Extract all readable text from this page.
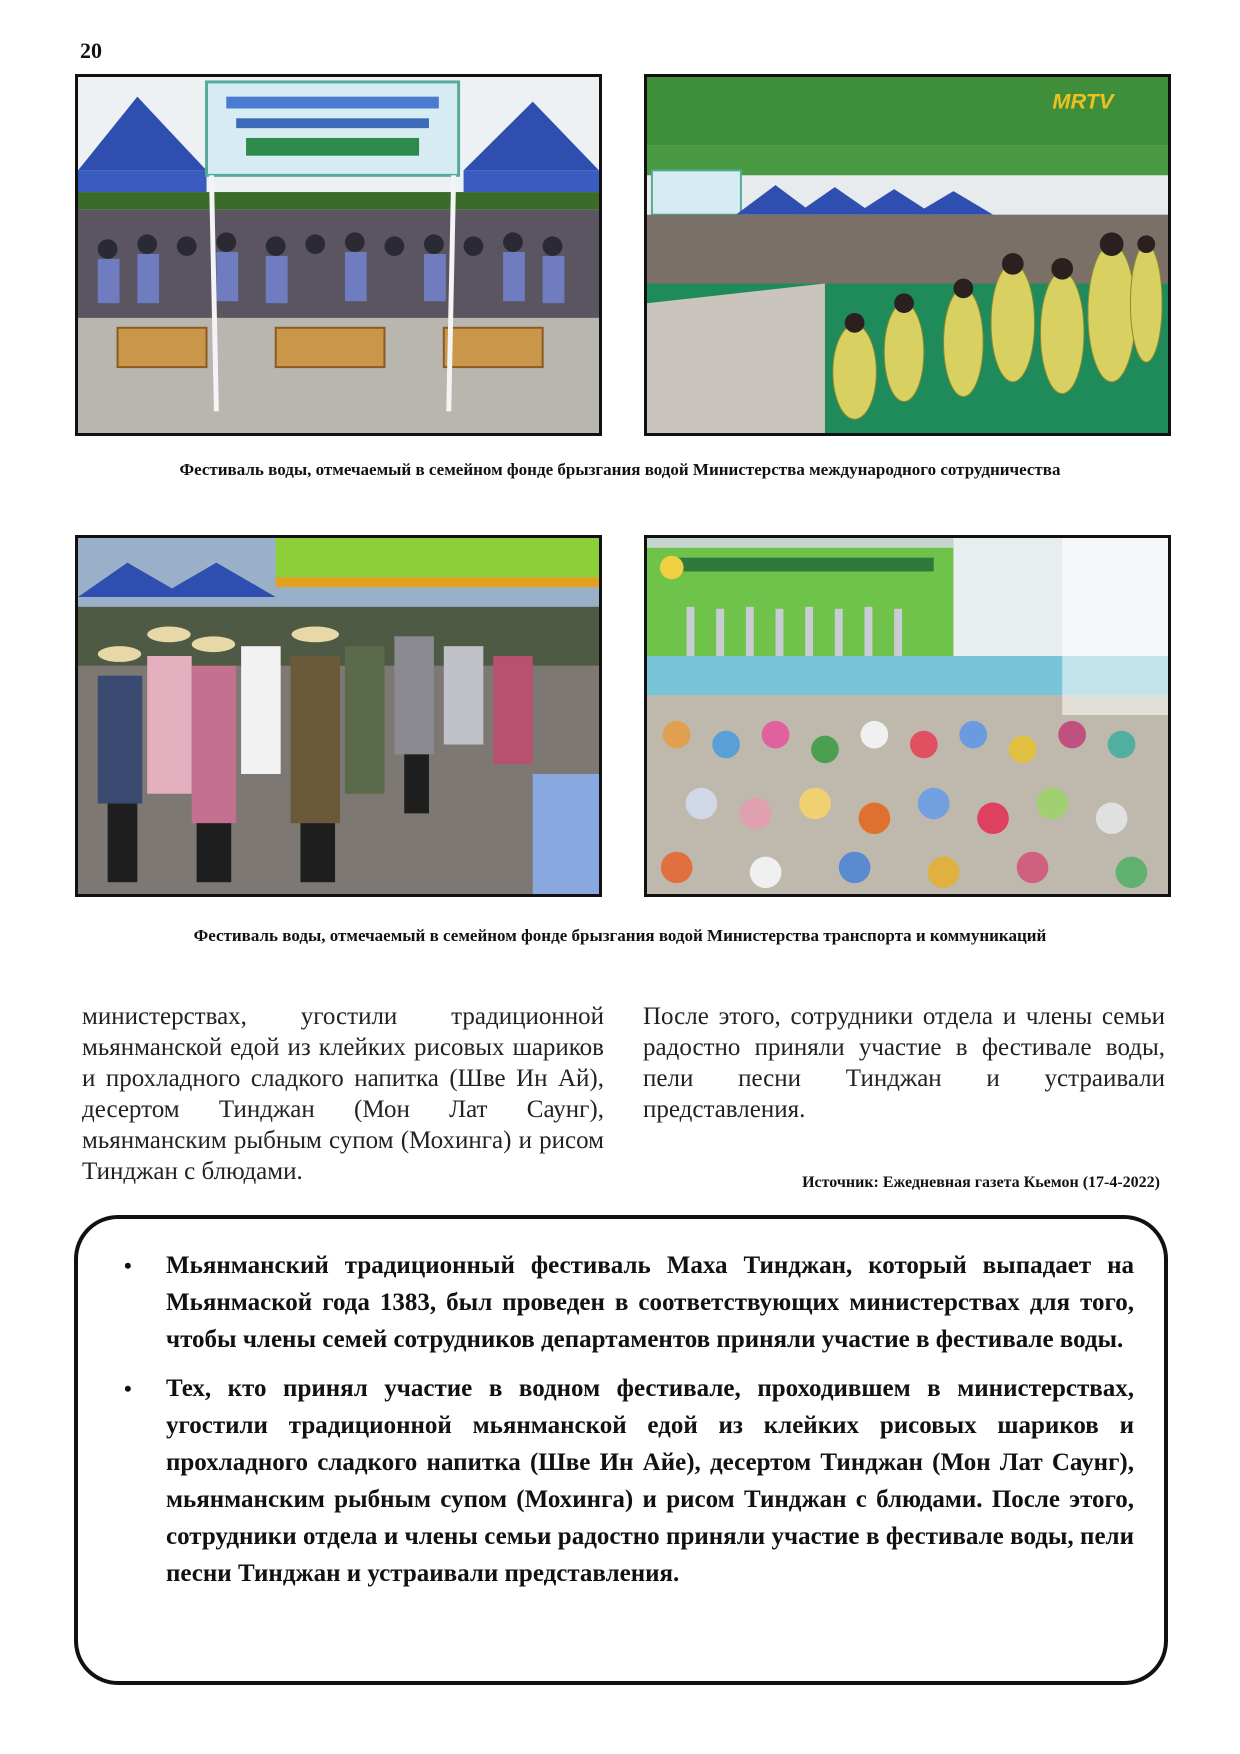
20
MRTV
Фестиваль воды, отмечаемый в семейном фонде брызгания водой Министерства международного сотрудничества
Фестиваль воды, отмечаемый в семейном фонде брызгания водой Министерства транспорта и коммуникаций
министерствах, угостили традиционной мьянманской едой из клейких рисовых шариков и прохладного сладкого напитка (Шве Ин Ай), десертом Тинджан (Мон Лат Саунг), мьянманским рыбным супом (Мохинга) и рисом Тинджан с блюдами.
После этого, сотрудники отдела и члены семьи радостно приняли участие в фестивале воды, пели песни Тинджан и устраивали представления.
Источник: Ежедневная газета Кьемон (17-4-2022)
• Мьянманский традиционный фестиваль Маха Тинджан, который выпадает на Мьянмаской года 1383, был проведен в соответствующих министерствах для того, чтобы члены семей сотрудников департаментов приняли участие в фестивале воды.
• Тех, кто принял участие в водном фестивале, проходившем в министерствах, угостили традиционной мьянманской едой из клейких рисовых шариков и прохладного сладкого напитка (Шве Ин Айе), десертом Тинджан (Мон Лат Саунг), мьянманским рыбным супом (Мохинга) и рисом Тинджан с блюдами. После этого, сотрудники отдела и члены семьи радостно приняли участие в фестивале воды, пели песни Тинджан и устраивали представления.
